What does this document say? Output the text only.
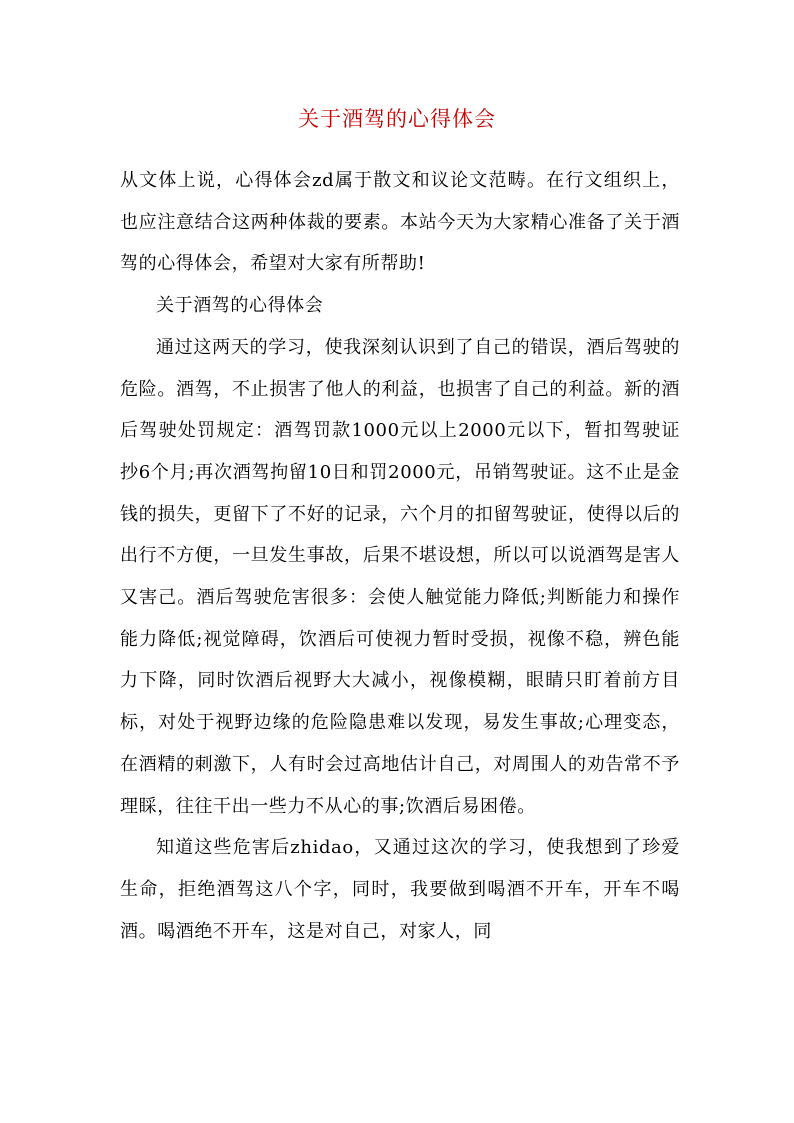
关于酒驾的心得体会

从文体上说，心得体会zd属于散文和议论文范畴。在行文组织上，也应注意结合这两种体裁的要素。本站今天为大家精心准备了关于酒驾的心得体会，希望对大家有所帮助!

关于酒驾的心得体会

通过这两天的学习，使我深刻认识到了自己的错误，酒后驾驶的危险。酒驾，不止损害了他人的利益，也损害了自己的利益。新的酒后驾驶处罚规定：酒驾罚款1000元以上2000元以下，暂扣驾驶证抄6个月;再次酒驾拘留10日和罚2000元，吊销驾驶证。这不止是金钱的损失，更留下了不好的记录，六个月的扣留驾驶证，使得以后的出行不方便，一旦发生事故，后果不堪设想，所以可以说酒驾是害人又害己。酒后驾驶危害很多：会使人触觉能力降低;判断能力和操作能力降低;视觉障碍，饮酒后可使视力暂时受损，视像不稳，辨色能力下降，同时饮酒后视野大大减小，视像模糊，眼睛只盯着前方目标，对处于视野边缘的危险隐患难以发现，易发生事故;心理变态，在酒精的刺激下，人有时会过高地估计自己，对周围人的劝告常不予理睬，往往干出一些力不从心的事;饮酒后易困倦。

知道这些危害后zhidao，又通过这次的学习，使我想到了珍爱生命，拒绝酒驾这八个字，同时，我要做到喝酒不开车，开车不喝酒。喝酒绝不开车，这是对自己，对家人，同
